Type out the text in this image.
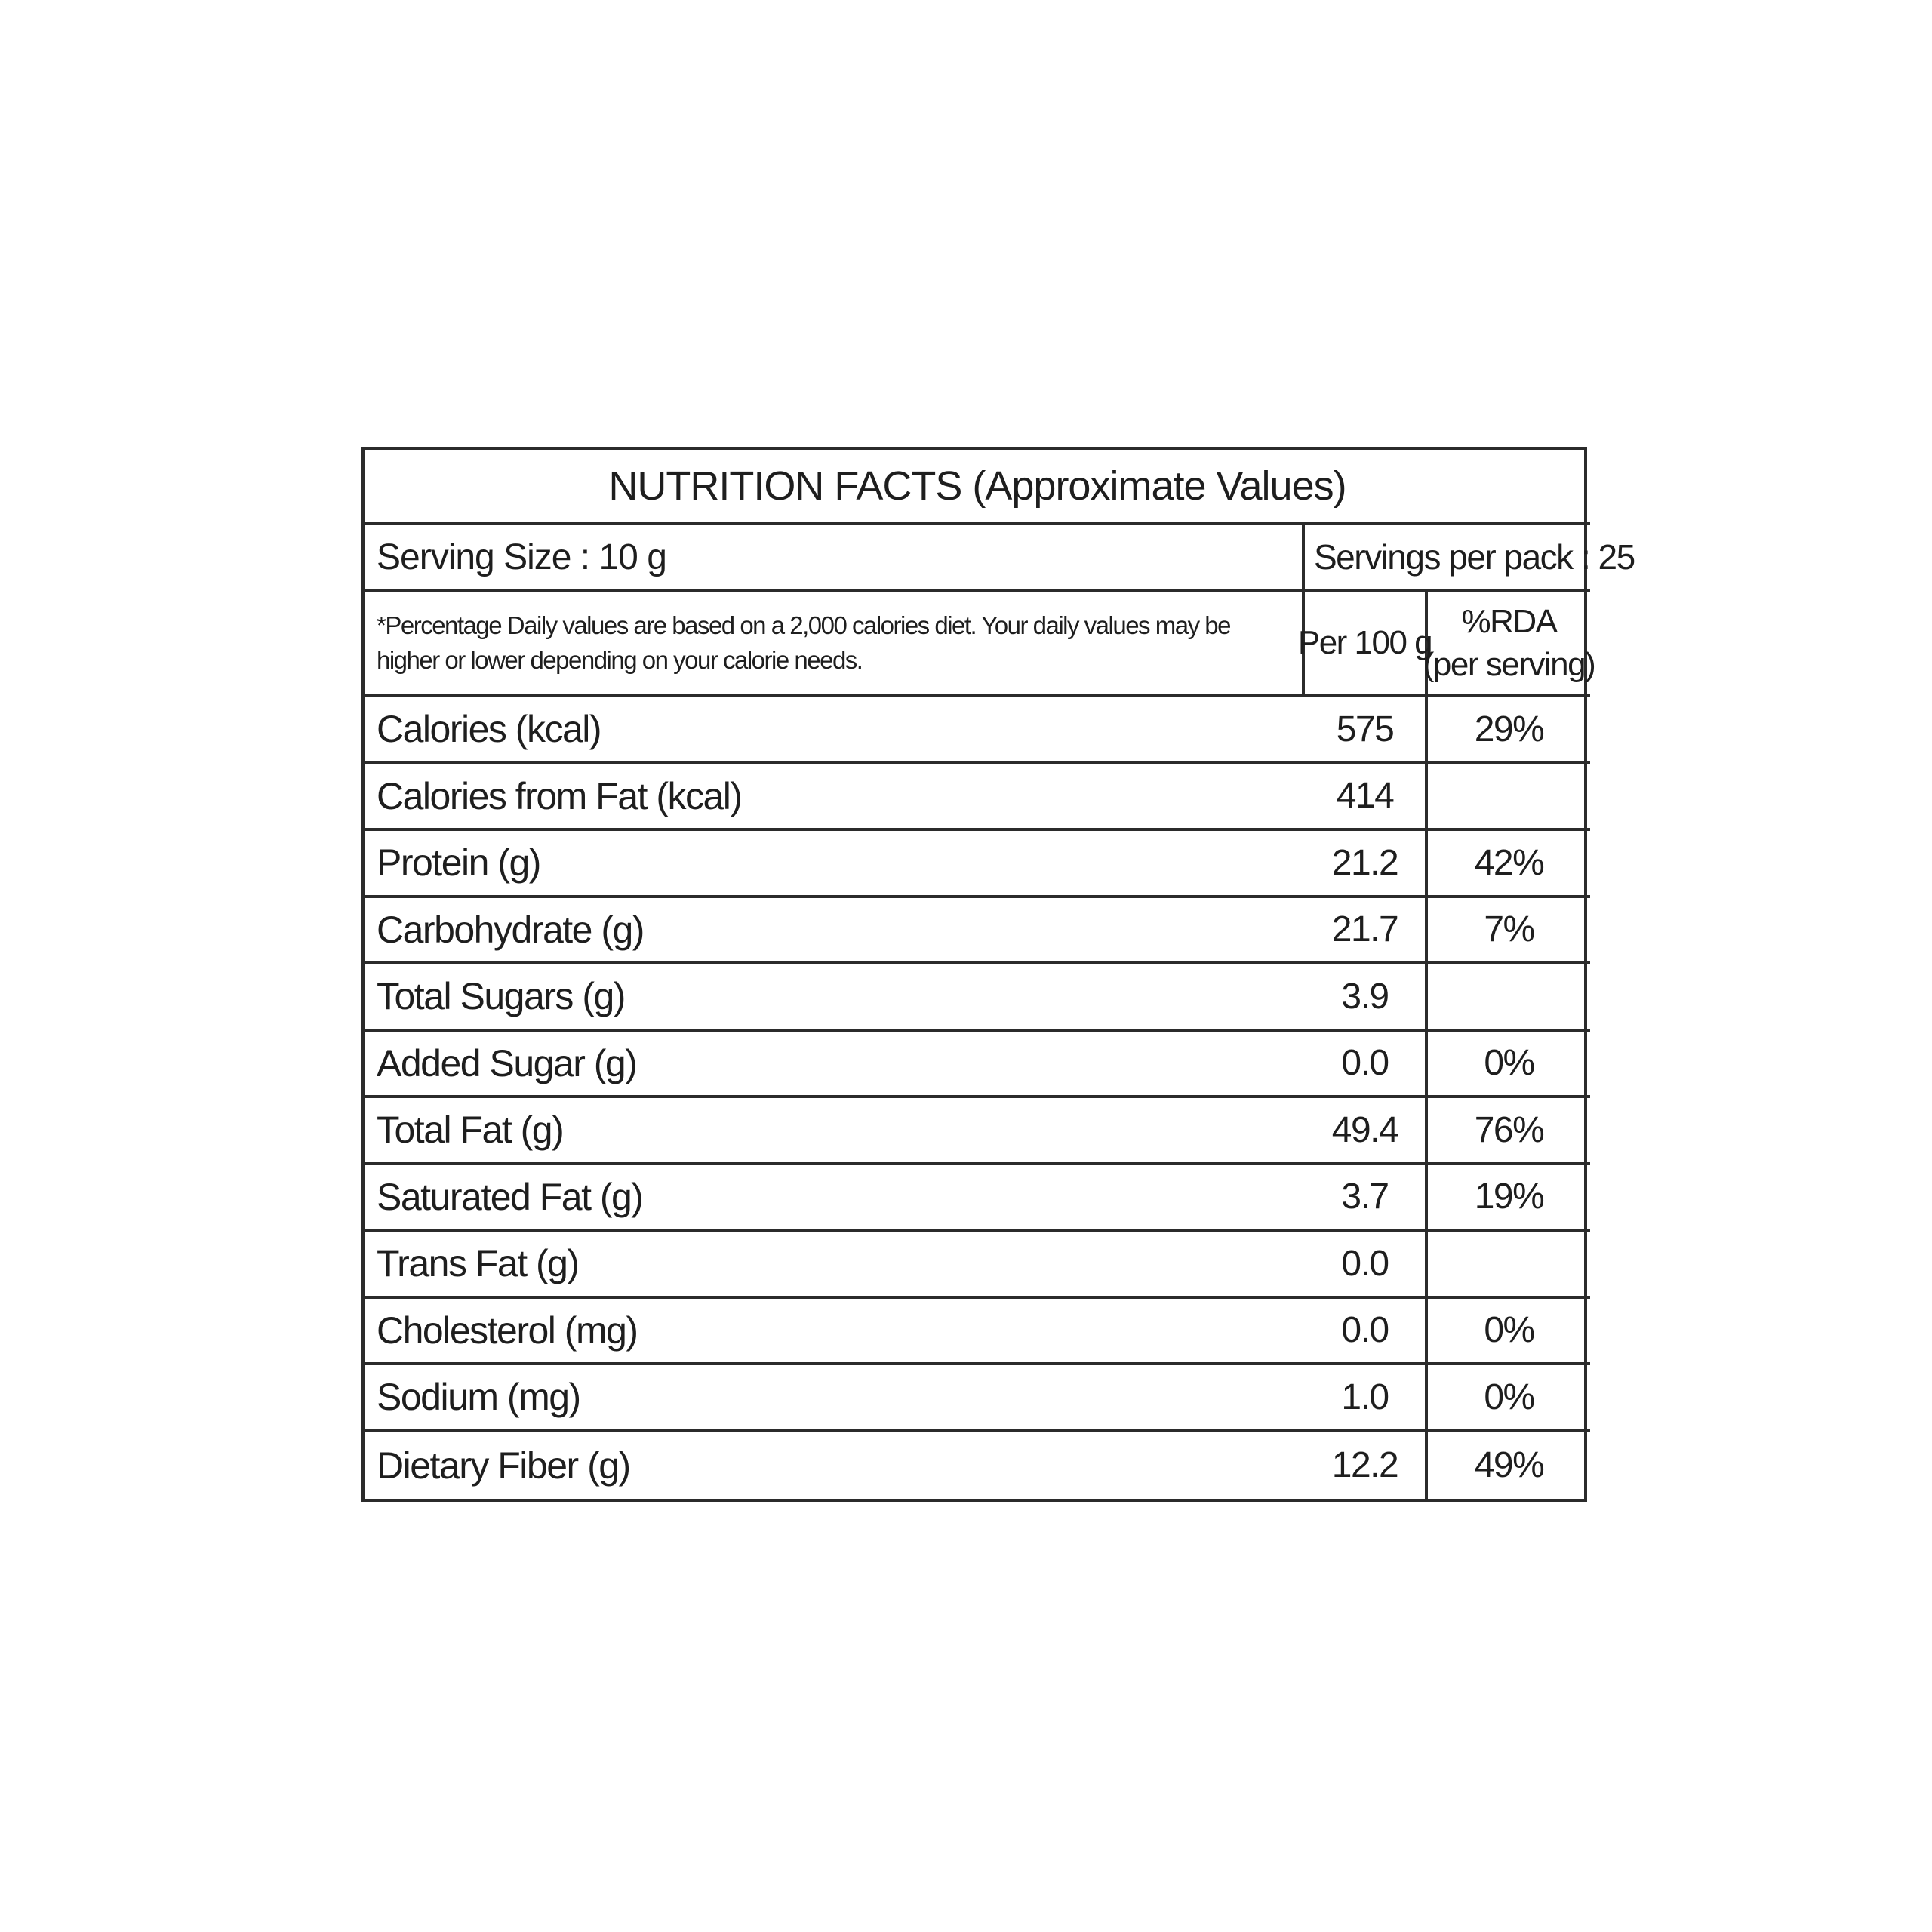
NUTRITION FACTS (Approximate Values)
Serving Size : 10 g	Servings per pack : 25
*Percentage Daily values are based on a 2,000 calories diet. Your daily values may be higher or lower depending on your calorie needs.	Per 100 g
%RDA
(per serving)
Calories (kcal)	575	29%
Calories from Fat (kcal)	414
Protein (g)	21.2	42%
Carbohydrate (g)	21.7	7%
Total Sugars (g)	3.9
Added Sugar (g)	0.0	0%
Total Fat (g)	49.4	76%
Saturated Fat (g)	3.7	19%
Trans Fat (g)	0.0
Cholesterol (mg)	0.0	0%
Sodium (mg)	1.0	0%
Dietary Fiber (g)	12.2	49%
